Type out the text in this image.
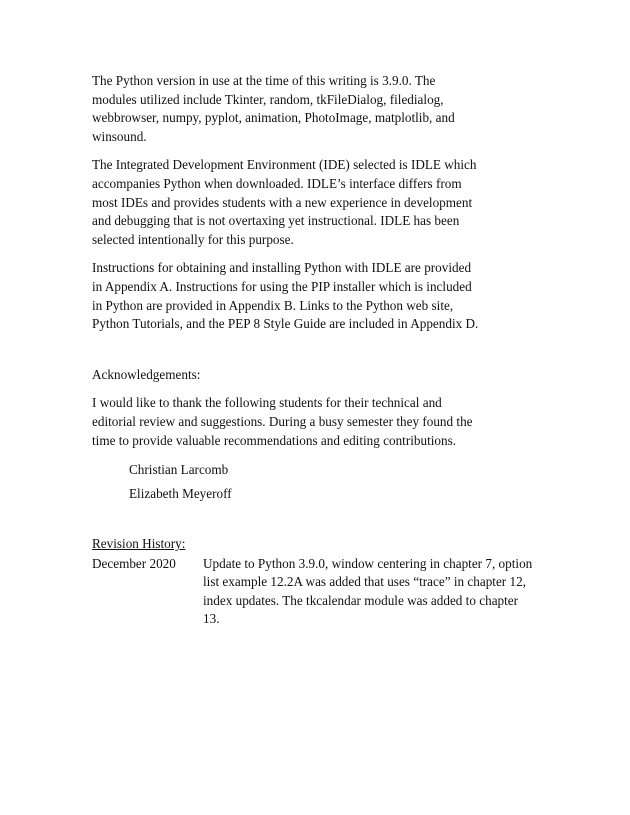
The Python version in use at the time of this writing is 3.9.0. The modules utilized include Tkinter, random, tkFileDialog, filedialog, webbrowser, numpy, pyplot, animation, PhotoImage, matplotlib, and winsound.

The Integrated Development Environment (IDE) selected is IDLE which accompanies Python when downloaded. IDLE’s interface differs from most IDEs and provides students with a new experience in development and debugging that is not overtaxing yet instructional. IDLE has been selected intentionally for this purpose.

Instructions for obtaining and installing Python with IDLE are provided in Appendix A. Instructions for using the PIP installer which is included in Python are provided in Appendix B. Links to the Python web site, Python Tutorials, and the PEP 8 Style Guide are included in Appendix D.

Acknowledgements:

I would like to thank the following students for their technical and editorial review and suggestions. During a busy semester they found the time to provide valuable recommendations and editing contributions.

Christian Larcomb
Elizabeth Meyeroff
Revision History:
December 2020	Update to Python 3.9.0, window centering in chapter 7, option list example 12.2A was added that uses “trace” in chapter 12, index updates. The tkcalendar module was added to chapter 13.
